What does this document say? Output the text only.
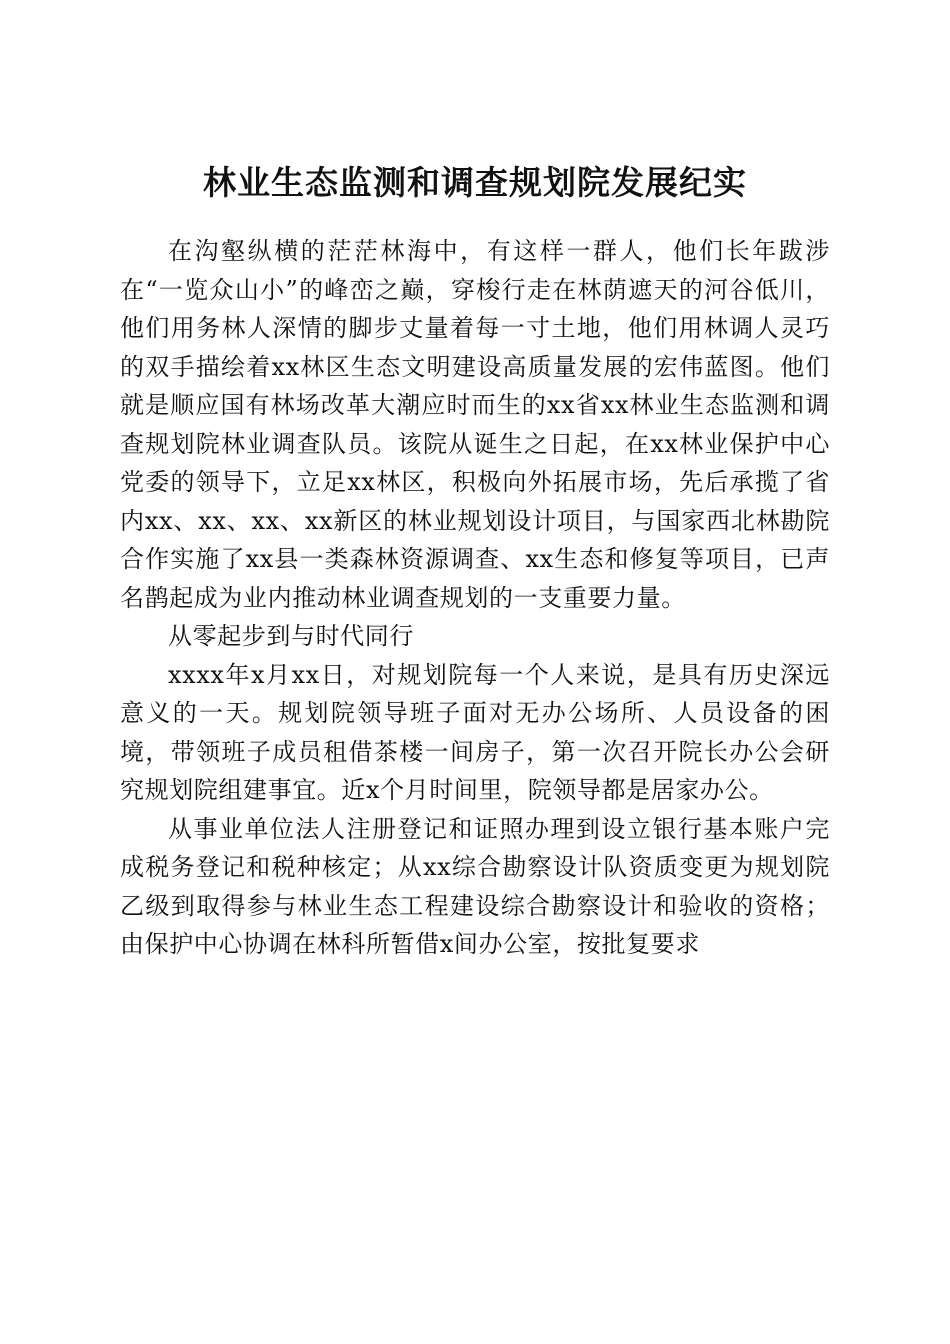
林业生态监测和调查规划院发展纪实

在沟壑纵横的茫茫林海中，有这样一群人，他们长年跋涉在“一览众山小”的峰峦之巅，穿梭行走在林荫遮天的河谷低川，他们用务林人深情的脚步丈量着每一寸土地，他们用林调人灵巧的双手描绘着xx林区生态文明建设高质量发展的宏伟蓝图。他们就是顺应国有林场改革大潮应时而生的xx省xx林业生态监测和调查规划院林业调查队员。该院从诞生之日起，在xx林业保护中心党委的领导下，立足xx林区，积极向外拓展市场，先后承揽了省内xx、xx、xx、xx新区的林业规划设计项目，与国家西北林勘院合作实施了xx县一类森林资源调查、xx生态和修复等项目，已声名鹊起成为业内推动林业调查规划的一支重要力量。

从零起步到与时代同行

xxxx年x月xx日，对规划院每一个人来说，是具有历史深远意义的一天。规划院领导班子面对无办公场所、人员设备的困境，带领班子成员租借茶楼一间房子，第一次召开院长办公会研究规划院组建事宜。近x个月时间里，院领导都是居家办公。

从事业单位法人注册登记和证照办理到设立银行基本账户完成税务登记和税种核定；从xx综合勘察设计队资质变更为规划院乙级到取得参与林业生态工程建设综合勘察设计和验收的资格；由保护中心协调在林科所暂借x间办公室，按批复要求
